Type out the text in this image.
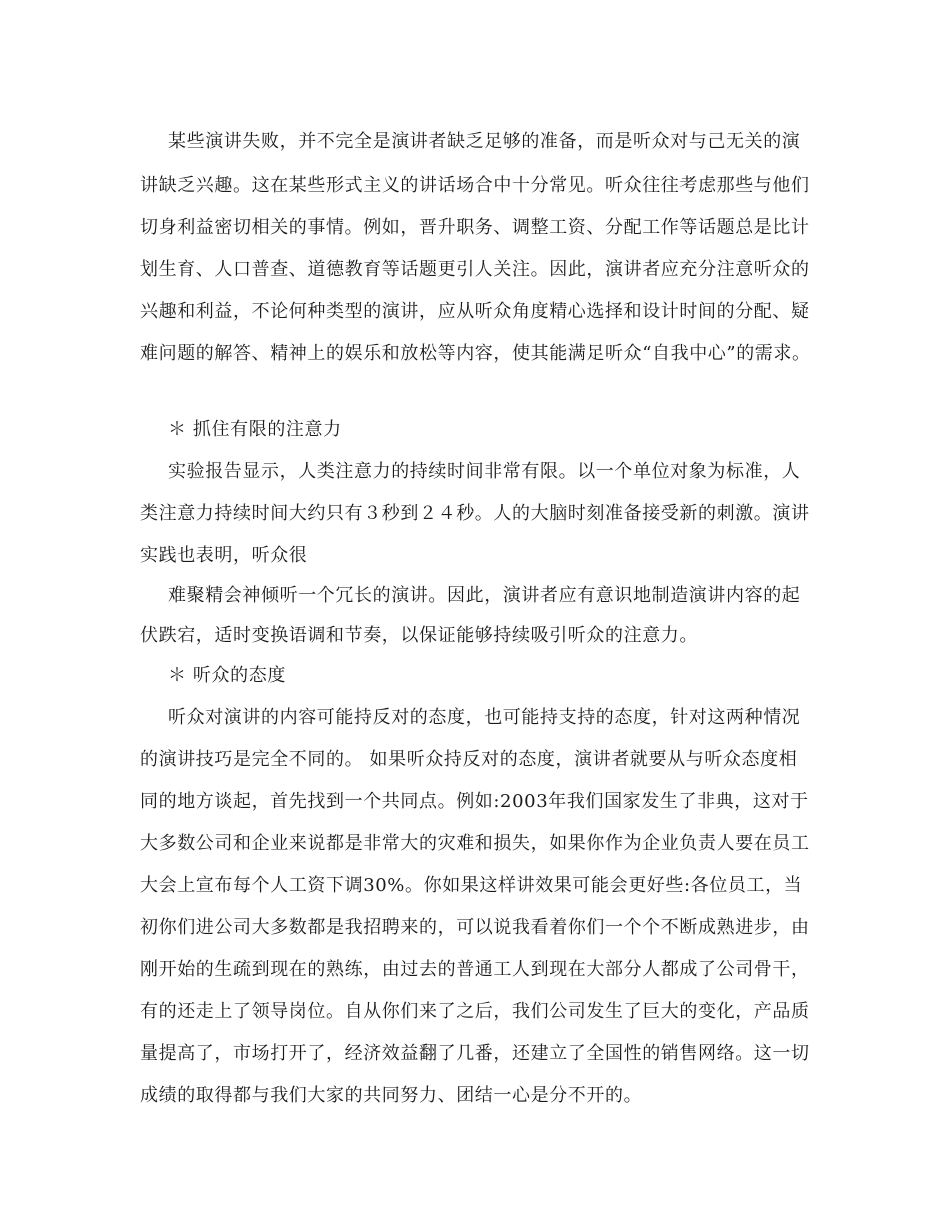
某些演讲失败，并不完全是演讲者缺乏足够的准备，而是听众对与己无关的演
讲缺乏兴趣。这在某些形式主义的讲话场合中十分常见。听众往往考虑那些与他们
切身利益密切相关的事情。例如，晋升职务、调整工资、分配工作等话题总是比计
划生育、人口普查、道德教育等话题更引人关注。因此，演讲者应充分注意听众的
兴趣和利益，不论何种类型的演讲，应从听众角度精心选择和设计时间的分配、疑
难问题的解答、精神上的娱乐和放松等内容，使其能满足听众“自我中心”的需求。
＊ 抓住有限的注意力
实验报告显示，人类注意力的持续时间非常有限。以一个单位对象为标准，人
类注意力持续时间大约只有３秒到２４秒。人的大脑时刻准备接受新的刺激。演讲
实践也表明，听众很
难聚精会神倾听一个冗长的演讲。因此，演讲者应有意识地制造演讲内容的起
伏跌宕，适时变换语调和节奏，以保证能够持续吸引听众的注意力。
＊ 听众的态度
听众对演讲的内容可能持反对的态度，也可能持支持的态度，针对这两种情况
的演讲技巧是完全不同的。 如果听众持反对的态度，演讲者就要从与听众态度相
同的地方谈起，首先找到一个共同点。例如:2003年我们国家发生了非典，这对于
大多数公司和企业来说都是非常大的灾难和损失，如果你作为企业负责人要在员工
大会上宣布每个人工资下调30%。你如果这样讲效果可能会更好些:各位员工，当
初你们进公司大多数都是我招聘来的，可以说我看着你们一个个不断成熟进步，由
刚开始的生疏到现在的熟练，由过去的普通工人到现在大部分人都成了公司骨干，
有的还走上了领导岗位。自从你们来了之后，我们公司发生了巨大的变化，产品质
量提高了，市场打开了，经济效益翻了几番，还建立了全国性的销售网络。这一切
成绩的取得都与我们大家的共同努力、团结一心是分不开的。
